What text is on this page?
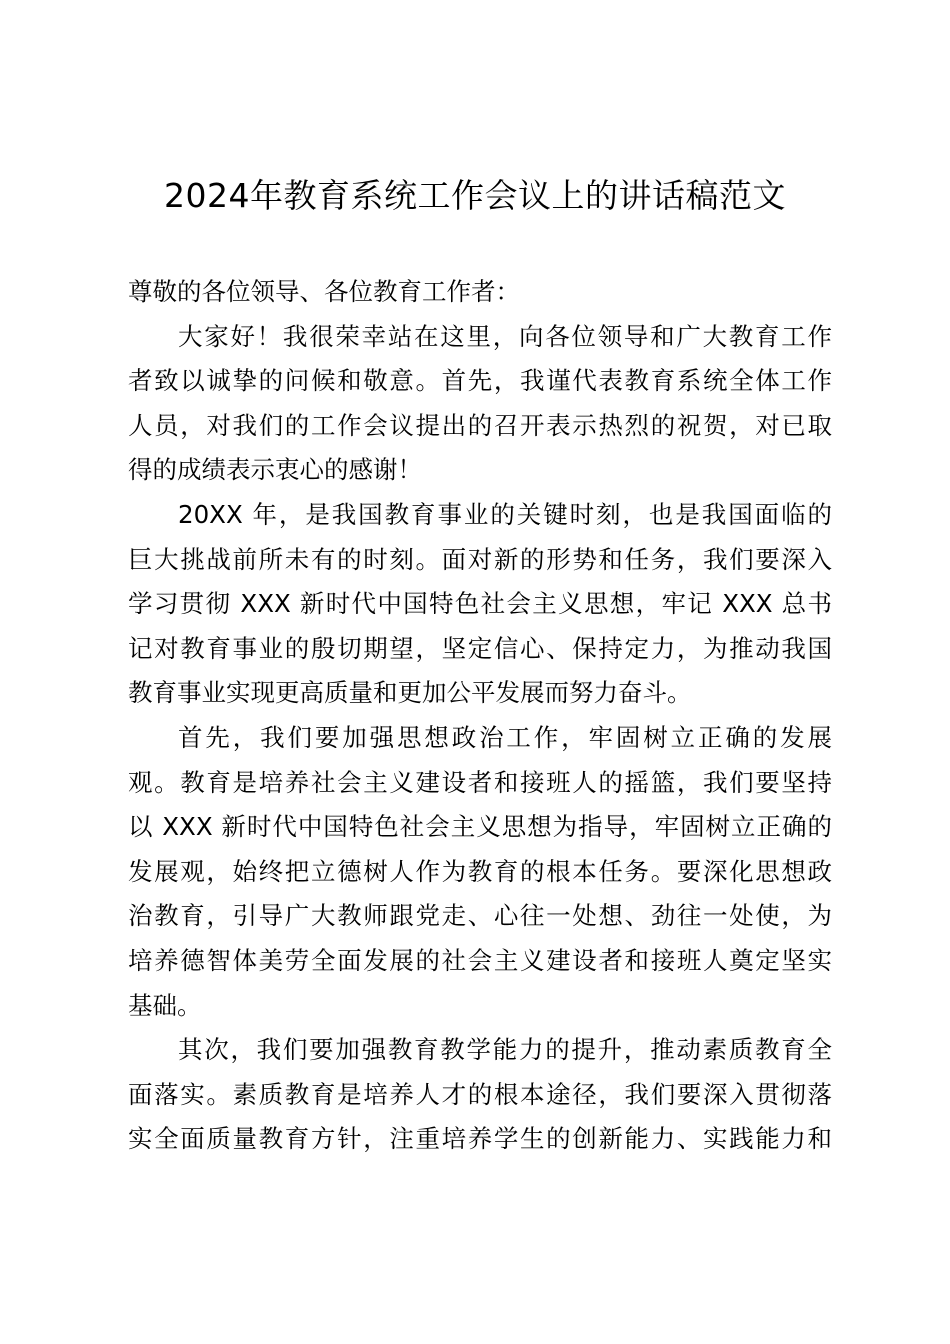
2024年教育系统工作会议上的讲话稿范文
尊敬的各位领导、各位教育工作者：
大家好！我很荣幸站在这里，向各位领导和广大教育工作
者致以诚挚的问候和敬意。首先，我谨代表教育系统全体工作
人员，对我们的工作会议提出的召开表示热烈的祝贺，对已取
得的成绩表示衷心的感谢！
20XX 年，是我国教育事业的关键时刻，也是我国面临的
巨大挑战前所未有的时刻。面对新的形势和任务，我们要深入
学习贯彻 XXX 新时代中国特色社会主义思想，牢记 XXX 总书
记对教育事业的殷切期望，坚定信心、保持定力，为推动我国
教育事业实现更高质量和更加公平发展而努力奋斗。
首先，我们要加强思想政治工作，牢固树立正确的发展
观。教育是培养社会主义建设者和接班人的摇篮，我们要坚持
以 XXX 新时代中国特色社会主义思想为指导，牢固树立正确的
发展观，始终把立德树人作为教育的根本任务。要深化思想政
治教育，引导广大教师跟党走、心往一处想、劲往一处使，为
培养德智体美劳全面发展的社会主义建设者和接班人奠定坚实
基础。
其次，我们要加强教育教学能力的提升，推动素质教育全
面落实。素质教育是培养人才的根本途径，我们要深入贯彻落
实全面质量教育方针，注重培养学生的创新能力、实践能力和
